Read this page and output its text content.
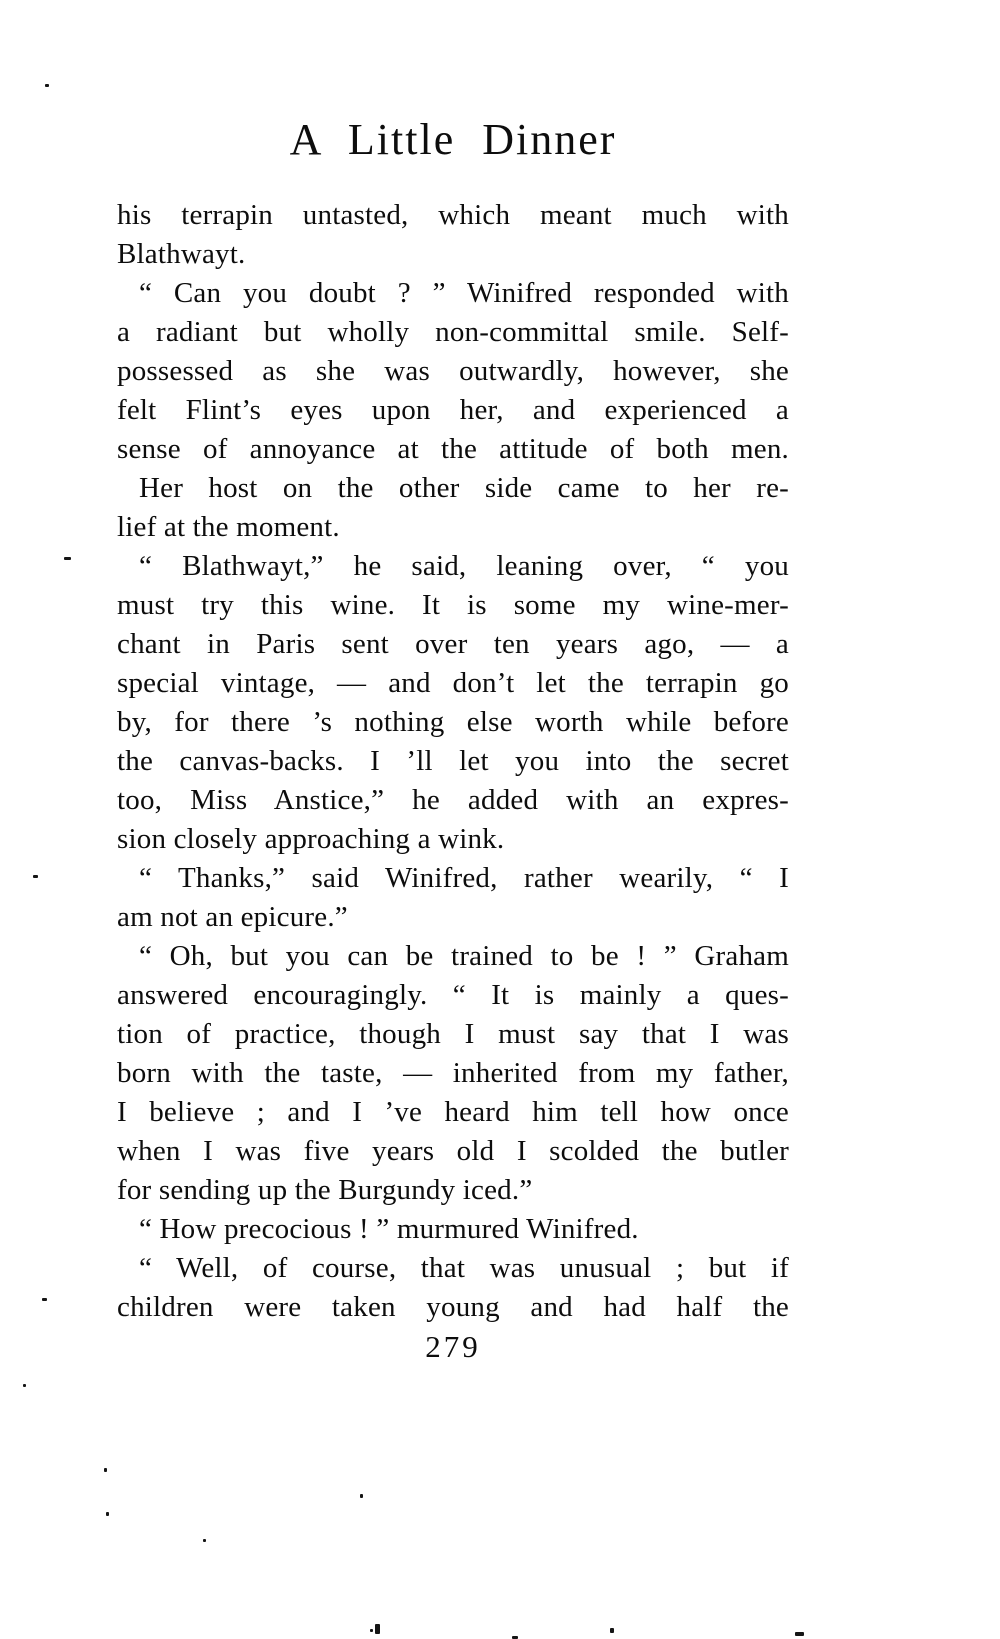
A Little Dinner
his terrapin untasted, which meant much with
Blathwayt.
“ Can you doubt ? ” Winifred responded with
a radiant but wholly non-committal smile. Self-
possessed as she was outwardly, however, she
felt Flint’s eyes upon her, and experienced a
sense of annoyance at the attitude of both men.
Her host on the other side came to her re-
lief at the moment.
“ Blathwayt,” he said, leaning over, “ you
must try this wine. It is some my wine-mer-
chant in Paris sent over ten years ago, — a
special vintage, — and don’t let the terrapin go
by, for there ’s nothing else worth while before
the canvas-backs. I ’ll let you into the secret
too, Miss Anstice,” he added with an expres-
sion closely approaching a wink.
“ Thanks,” said Winifred, rather wearily, “ I
am not an epicure.”
“ Oh, but you can be trained to be ! ” Graham
answered encouragingly. “ It is mainly a ques-
tion of practice, though I must say that I was
born with the taste, — inherited from my father,
I believe ; and I ’ve heard him tell how once
when I was five years old I scolded the butler
for sending up the Burgundy iced.”
“ How precocious ! ” murmured Winifred.
“ Well, of course, that was unusual ; but if
children were taken young and had half the
279
